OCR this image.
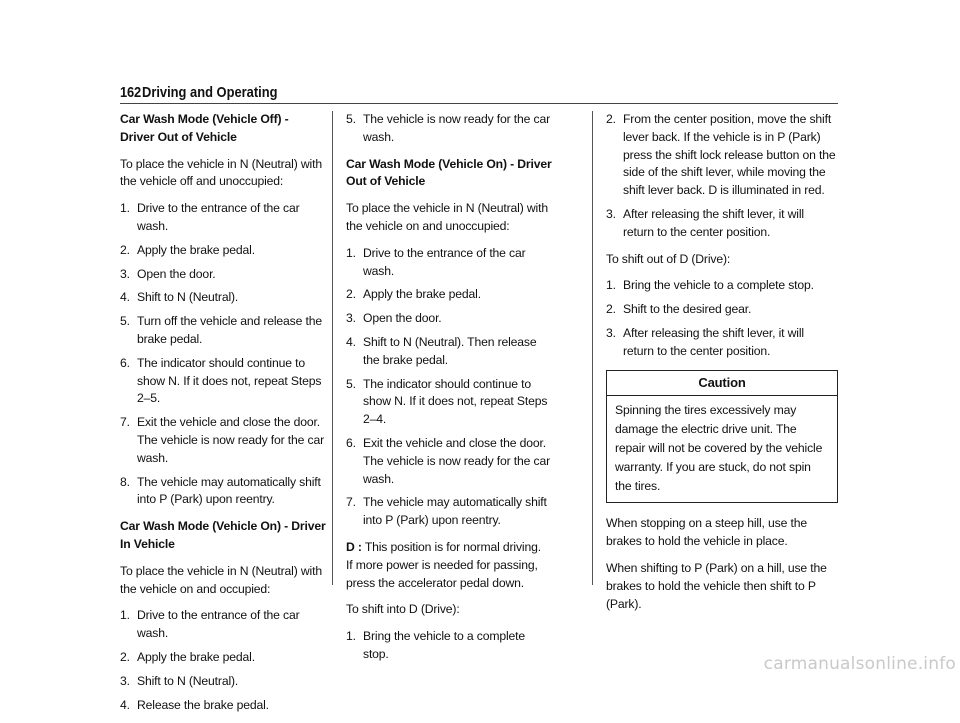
162 Driving and Operating
Car Wash Mode (Vehicle Off) - Driver Out of Vehicle
To place the vehicle in N (Neutral) with the vehicle off and unoccupied:
1. Drive to the entrance of the car wash.
2. Apply the brake pedal.
3. Open the door.
4. Shift to N (Neutral).
5. Turn off the vehicle and release the brake pedal.
6. The indicator should continue to show N. If it does not, repeat Steps 2–5.
7. Exit the vehicle and close the door. The vehicle is now ready for the car wash.
8. The vehicle may automatically shift into P (Park) upon reentry.
Car Wash Mode (Vehicle On) - Driver In Vehicle
To place the vehicle in N (Neutral) with the vehicle on and occupied:
1. Drive to the entrance of the car wash.
2. Apply the brake pedal.
3. Shift to N (Neutral).
4. Release the brake pedal.
5. The vehicle is now ready for the car wash.
Car Wash Mode (Vehicle On) - Driver Out of Vehicle
To place the vehicle in N (Neutral) with the vehicle on and unoccupied:
1. Drive to the entrance of the car wash.
2. Apply the brake pedal.
3. Open the door.
4. Shift to N (Neutral). Then release the brake pedal.
5. The indicator should continue to show N. If it does not, repeat Steps 2–4.
6. Exit the vehicle and close the door. The vehicle is now ready for the car wash.
7. The vehicle may automatically shift into P (Park) upon reentry.
D : This position is for normal driving.
If more power is needed for passing, press the accelerator pedal down.
To shift into D (Drive):
1. Bring the vehicle to a complete stop.
2. From the center position, move the shift lever back. If the vehicle is in P (Park) press the shift lock release button on the side of the shift lever, while moving the shift lever back. D is illuminated in red.
3. After releasing the shift lever, it will return to the center position.
To shift out of D (Drive):
1. Bring the vehicle to a complete stop.
2. Shift to the desired gear.
3. After releasing the shift lever, it will return to the center position.
Caution
Spinning the tires excessively may damage the electric drive unit. The repair will not be covered by the vehicle warranty. If you are stuck, do not spin the tires.
When stopping on a steep hill, use the brakes to hold the vehicle in place.
When shifting to P (Park) on a hill, use the brakes to hold the vehicle then shift to P (Park).
carmanualsonline.info
